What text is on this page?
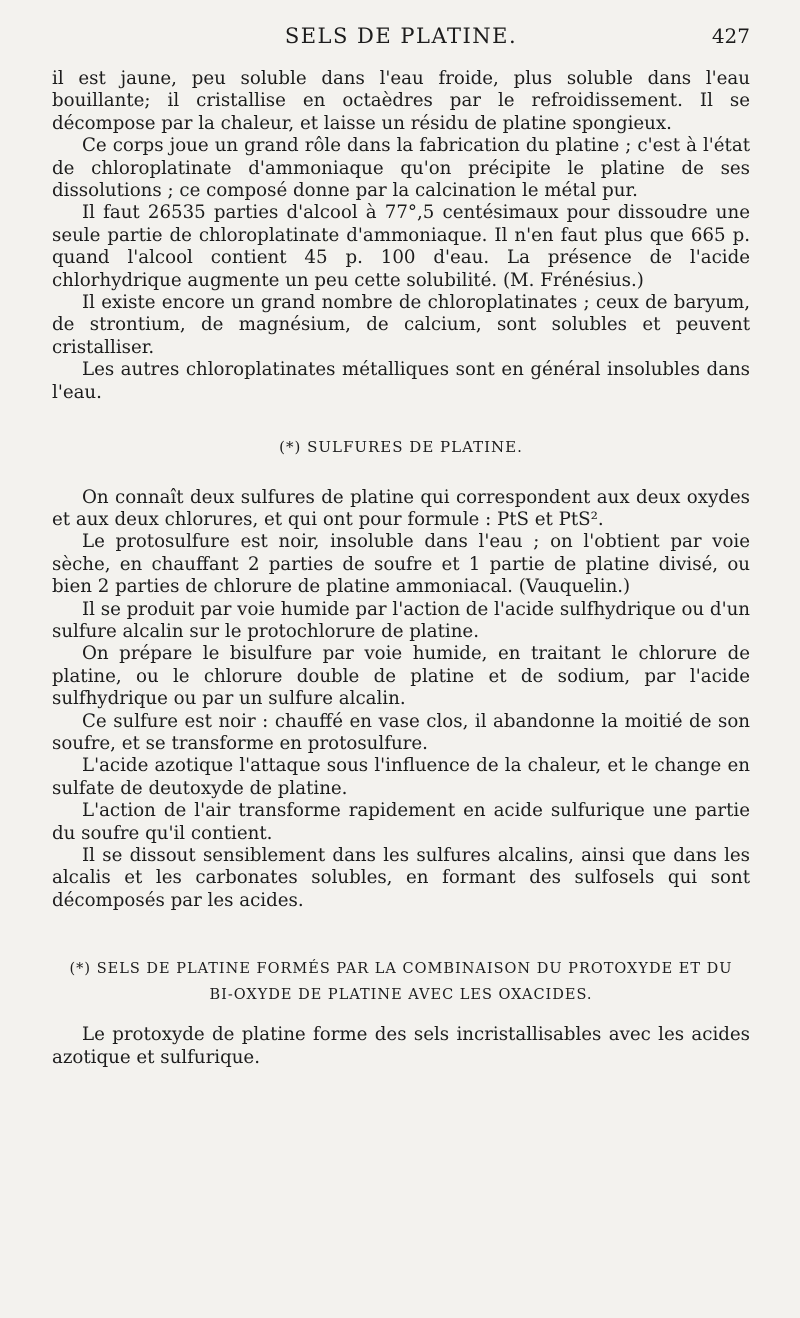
SELS DE PLATINE.	427

il est jaune, peu soluble dans l'eau froide, plus soluble dans l'eau bouillante; il cristallise en octaèdres par le refroidissement. Il se décompose par la chaleur, et laisse un résidu de platine spongieux.

Ce corps joue un grand rôle dans la fabrication du platine ; c'est à l'état de chloroplatinate d'ammoniaque qu'on précipite le platine de ses dissolutions ; ce composé donne par la calcination le métal pur.

Il faut 26535 parties d'alcool à 77°,5 centésimaux pour dissoudre une seule partie de chloroplatinate d'ammoniaque. Il n'en faut plus que 665 p. quand l'alcool contient 45 p. 100 d'eau. La présence de l'acide chlorhydrique augmente un peu cette solubilité. (M. Frénésius.)

Il existe encore un grand nombre de chloroplatinates ; ceux de baryum, de strontium, de magnésium, de calcium, sont solubles et peuvent cristalliser.

Les autres chloroplatinates métalliques sont en général insolubles dans l'eau.

(*) SULFURES DE PLATINE.

On connaît deux sulfures de platine qui correspondent aux deux oxydes et aux deux chlorures, et qui ont pour formule : PtS et PtS².

Le protosulfure est noir, insoluble dans l'eau ; on l'obtient par voie sèche, en chauffant 2 parties de soufre et 1 partie de platine divisé, ou bien 2 parties de chlorure de platine ammoniacal. (Vauquelin.)

Il se produit par voie humide par l'action de l'acide sulfhydrique ou d'un sulfure alcalin sur le protochlorure de platine.

On prépare le bisulfure par voie humide, en traitant le chlorure de platine, ou le chlorure double de platine et de sodium, par l'acide sulfhydrique ou par un sulfure alcalin.

Ce sulfure est noir : chauffé en vase clos, il abandonne la moitié de son soufre, et se transforme en protosulfure.

L'acide azotique l'attaque sous l'influence de la chaleur, et le change en sulfate de deutoxyde de platine.

L'action de l'air transforme rapidement en acide sulfurique une partie du soufre qu'il contient.

Il se dissout sensiblement dans les sulfures alcalins, ainsi que dans les alcalis et les carbonates solubles, en formant des sulfosels qui sont décomposés par les acides.

(*) SELS DE PLATINE FORMÉS PAR LA COMBINAISON DU PROTOXYDE ET DU
BI-OXYDE DE PLATINE AVEC LES OXACIDES.

Le protoxyde de platine forme des sels incristallisables avec les acides azotique et sulfurique.
